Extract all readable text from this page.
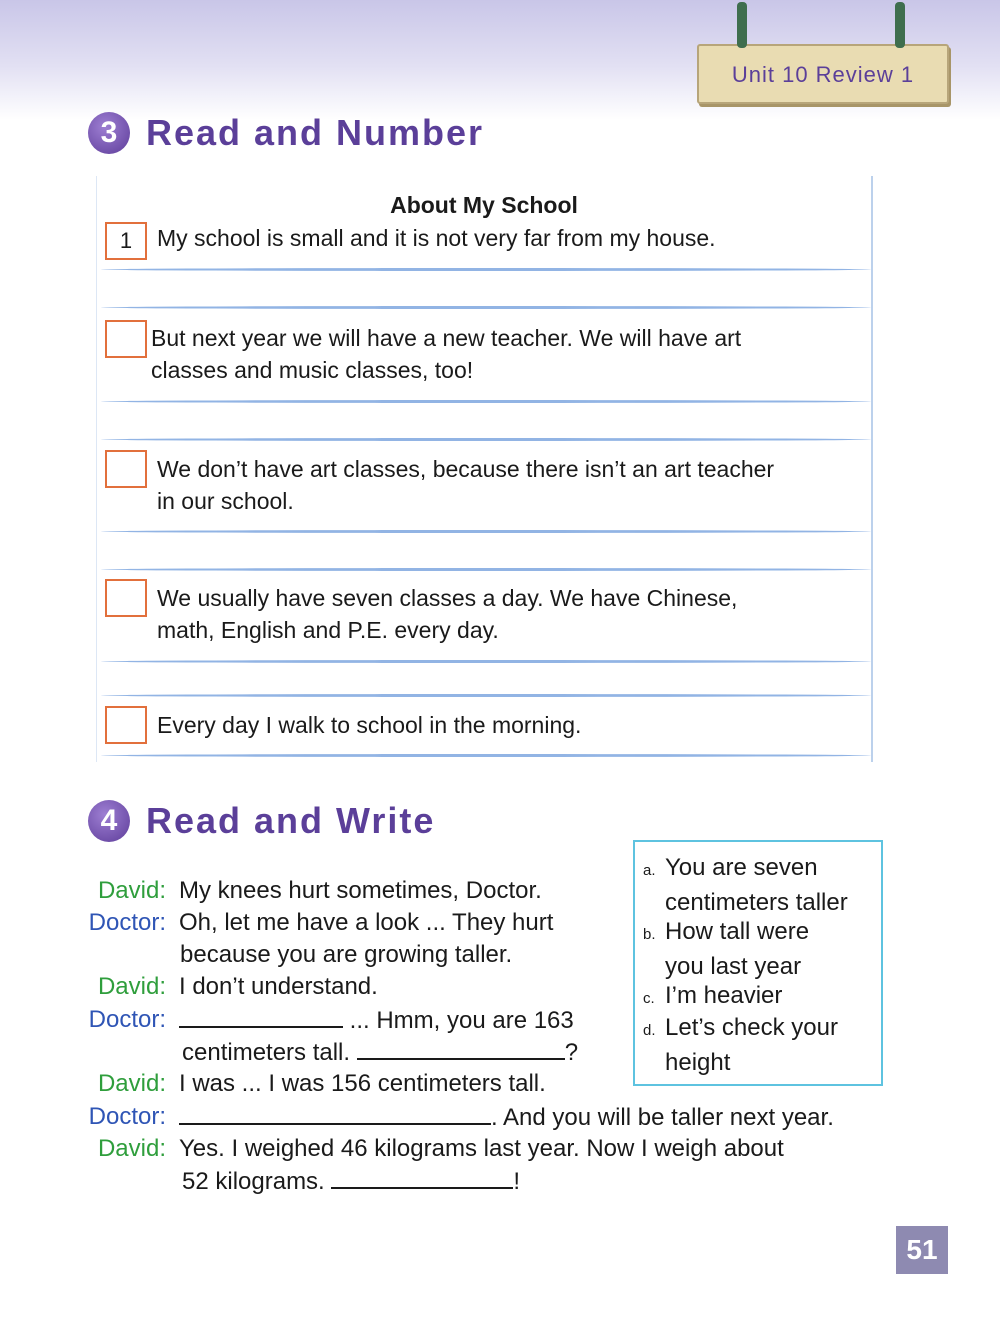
Unit 10 Review 1
3 Read and Number
About My School
1	My school is small and it is not very far from my house.
But next year we will have a new teacher. We will have art
classes and music classes, too!
We don’t have art classes, because there isn’t an art teacher
in our school.
We usually have seven classes a day. We have Chinese,
math, English and P.E. every day.
Every day I walk to school in the morning.
4 Read and Write
a. You are seven
centimeters taller
b. How tall were
you last year
c. I’m heavier
d. Let’s check your
height
David: My knees hurt sometimes, Doctor.
Doctor: Oh, let me have a look ... They hurt
because you are growing taller.
David: I don’t understand.
Doctor:	... Hmm, you are 163
centimeters tall.	?
David: I was ... I was 156 centimeters tall.
Doctor:	. And you will be taller next year.
David: Yes. I weighed 46 kilograms last year. Now I weigh about
52 kilograms.	!
51
